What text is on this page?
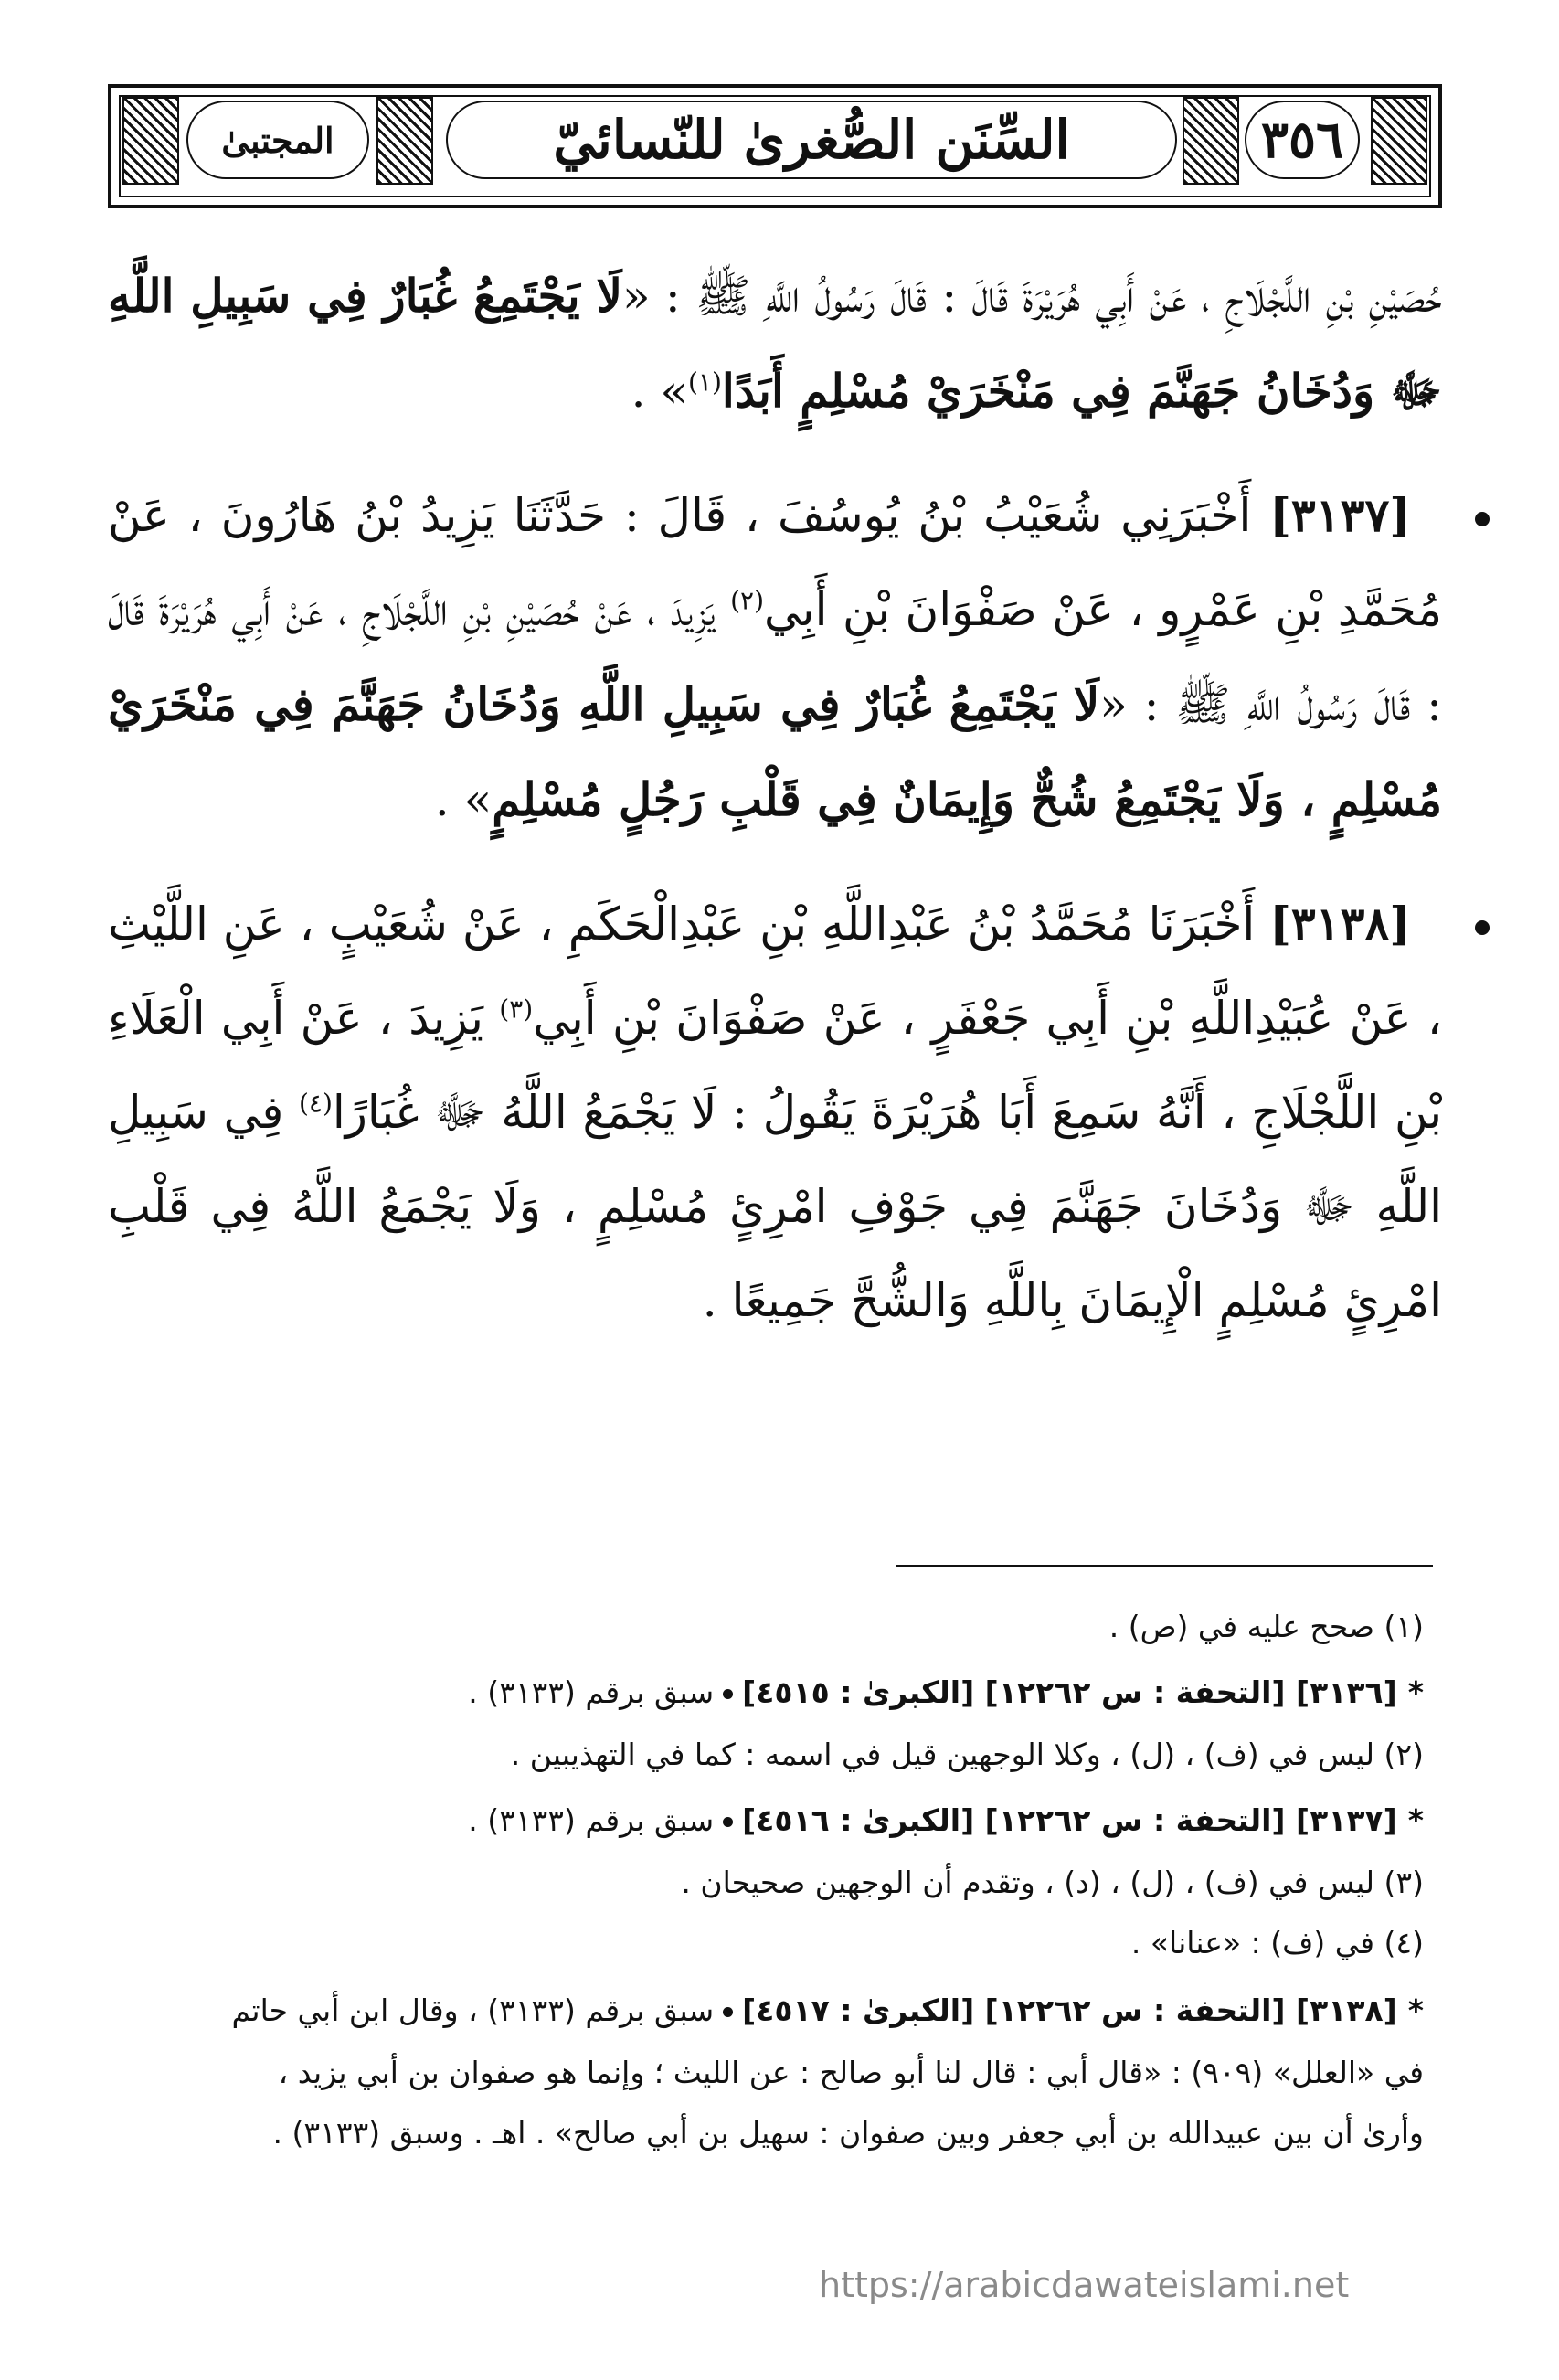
المجتبىٰ	السِّنَن الصُّغرىٰ للنّسائيّ	٣٥٦

حُصَيْنِ بْنِ اللَّجْلَاجِ ، عَنْ أَبِي هُرَيْرَةَ قَالَ : قَالَ رَسُولُ اللَّهِ ﷺ : «لَا يَجْتَمِعُ غُبَارٌ فِي سَبِيلِ اللَّهِ ﷻ وَدُخَانُ جَهَنَّمَ فِي مَنْخَرَيْ مُسْلِمٍ أَبَدًا$^{(١)}$» .

[٣١٣٧] أَخْبَرَنِي شُعَيْبُ بْنُ يُوسُفَ ، قَالَ : حَدَّثَنَا يَزِيدُ بْنُ هَارُونَ ، عَنْ مُحَمَّدِ بْنِ عَمْرٍو ، عَنْ صَفْوَانَ بْنِ أَبِي$^{(٢)}$ يَزِيدَ ، عَنْ حُصَيْنِ بْنِ اللَّجْلَاجِ ، عَنْ أَبِي هُرَيْرَةَ قَالَ : قَالَ رَسُولُ اللَّهِ ﷺ : «لَا يَجْتَمِعُ غُبَارٌ فِي سَبِيلِ اللَّهِ وَدُخَانُ جَهَنَّمَ فِي مَنْخَرَيْ مُسْلِمٍ ، وَلَا يَجْتَمِعُ شُحٌّ وَإِيمَانٌ فِي قَلْبِ رَجُلٍ مُسْلِمٍ» .

[٣١٣٨] أَخْبَرَنَا مُحَمَّدُ بْنُ عَبْدِاللَّهِ بْنِ عَبْدِالْحَكَمِ ، عَنْ شُعَيْبٍ ، عَنِ اللَّيْثِ ، عَنْ عُبَيْدِاللَّهِ بْنِ أَبِي جَعْفَرٍ ، عَنْ صَفْوَانَ بْنِ أَبِي$^{(٣)}$ يَزِيدَ ، عَنْ أَبِي الْعَلَاءِ بْنِ اللَّجْلَاجِ ، أَنَّهُ سَمِعَ أَبَا هُرَيْرَةَ يَقُولُ : لَا يَجْمَعُ اللَّهُ ﷻ غُبَارًا$^{(٤)}$ فِي سَبِيلِ اللَّهِ ﷻ وَدُخَانَ جَهَنَّمَ فِي جَوْفِ امْرِئٍ مُسْلِمٍ ، وَلَا يَجْمَعُ اللَّهُ فِي قَلْبِ امْرِئٍ مُسْلِمٍ الْإِيمَانَ بِاللَّهِ وَالشُّحَّ جَمِيعًا .

(١) صحح عليه في (ص) .
*[٣١٣٦] [التحفة : س ١٢٢٦٢] [الكبرىٰ : ٤٥١٥]سبق برقم (٣١٣٣) .
(٢) ليس في (ف) ، (ل) ، وكلا الوجهين قيل في اسمه : كما في التهذيبين .
*[٣١٣٧] [التحفة : س ١٢٢٦٢] [الكبرىٰ : ٤٥١٦]سبق برقم (٣١٣٣) .
(٣) ليس في (ف) ، (ل) ، (د) ، وتقدم أن الوجهين صحيحان .
(٤) في (ف) : «عنانا» .
*[٣١٣٨] [التحفة : س ١٢٢٦٢] [الكبرىٰ : ٤٥١٧]سبق برقم (٣١٣٣) ، وقال ابن أبي حاتم
في «العلل» (٩٠٩) : «قال أبي : قال لنا أبو صالح : عن الليث ؛ وإنما هو صفوان بن أبي يزيد ،
وأرىٰ أن بين عبيدالله بن أبي جعفر وبين صفوان : سهيل بن أبي صالح» . اهـ . وسبق (٣١٣٣) .
https://arabicdawateislami.net
